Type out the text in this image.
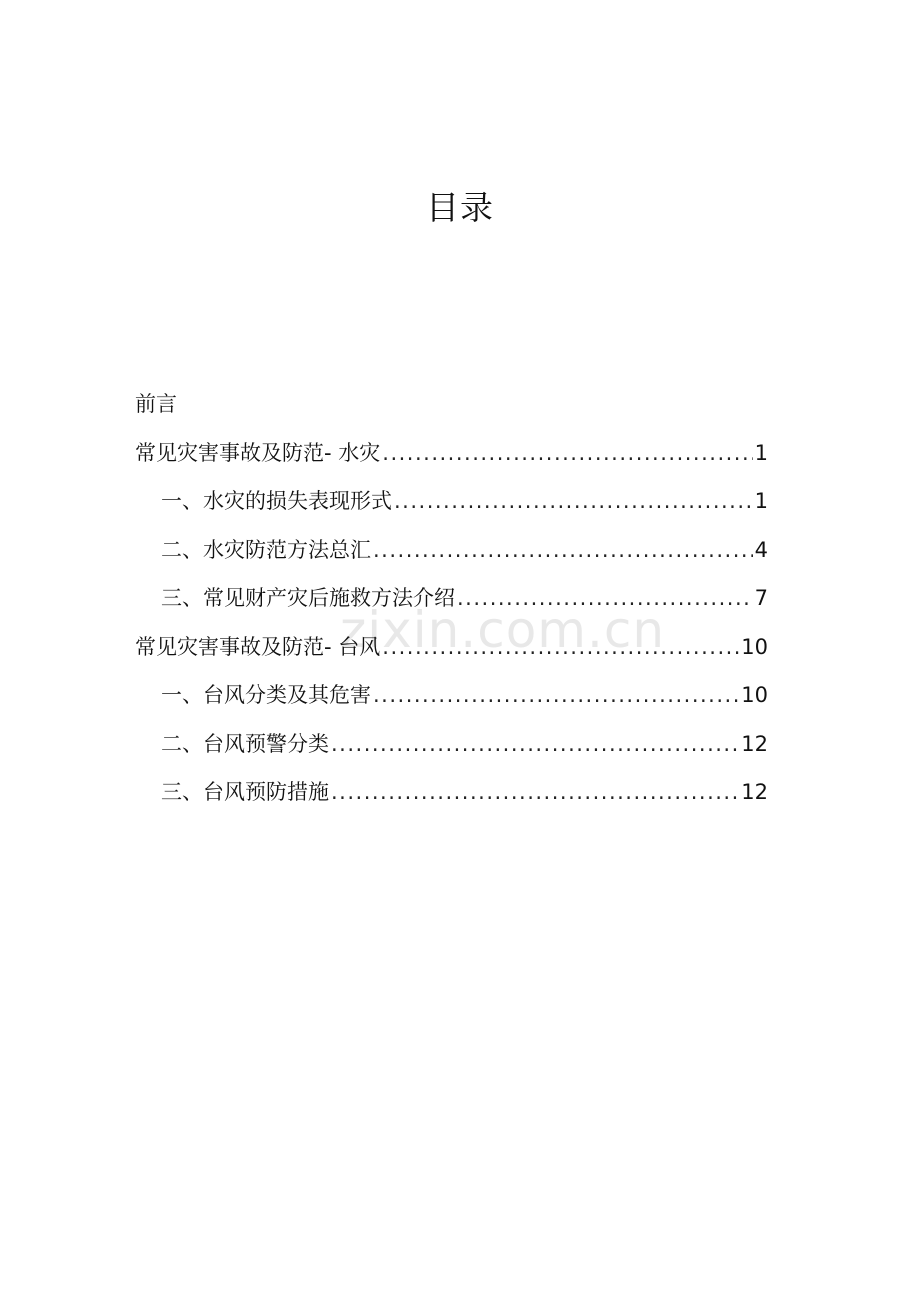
目录
zixin.com.cn
前言
常见灾害事故及防范- 水灾 .....	1
一、水灾的损失表现形式 .....	1
二、水灾防范方法总汇 .....	4
三、常见财产灾后施救方法介绍 .....	7
常见灾害事故及防范- 台风 .....	10
一、台风分类及其危害 .....	10
二、台风预警分类 .....	12
三、台风预防措施 .....	12
